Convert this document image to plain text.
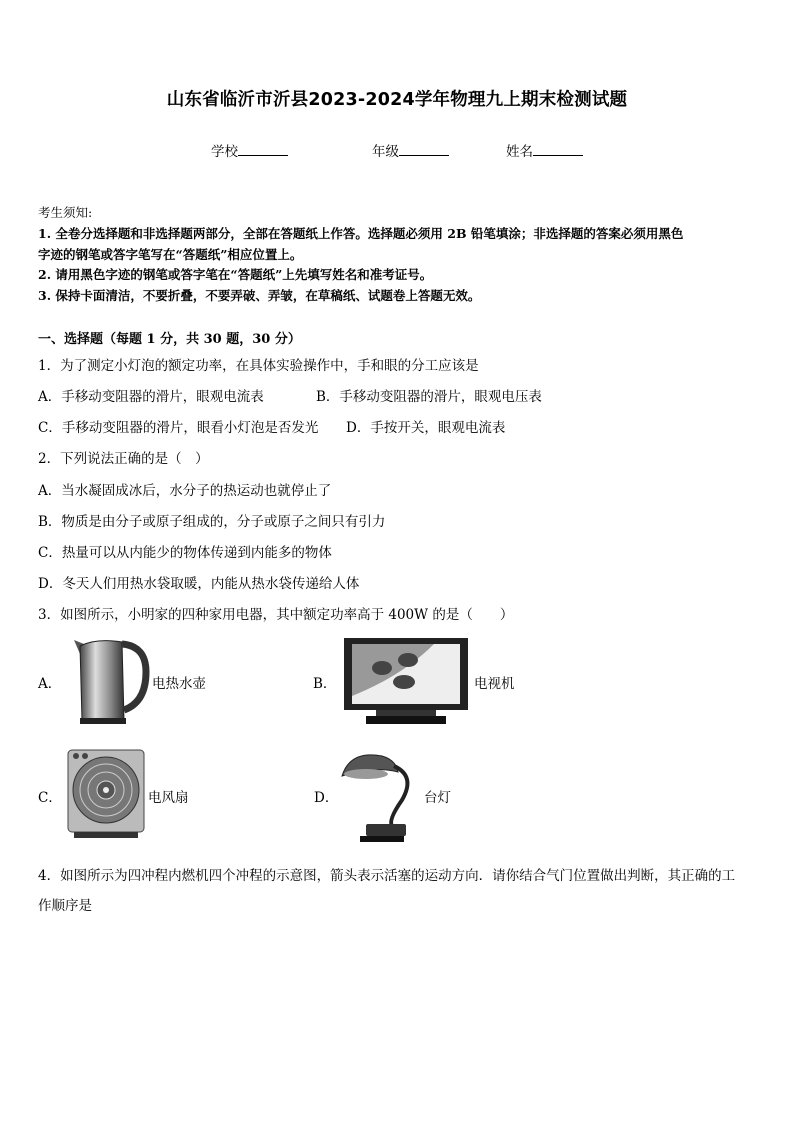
山东省临沂市沂县2023-2024学年物理九上期末检测试题
学校	年级	姓名
考生须知:
1. 全卷分选择题和非选择题两部分，全部在答题纸上作答。选择题必须用 2B 铅笔填涂；非选择题的答案必须用黑色
字迹的钢笔或答字笔写在“答题纸”相应位置上。
2. 请用黑色字迹的钢笔或答字笔在“答题纸”上先填写姓名和准考证号。
3. 保持卡面清洁，不要折叠，不要弄破、弄皱，在草稿纸、试题卷上答题无效。
一、选择题（每题 1 分，共 30 题，30 分）
1．为了测定小灯泡的额定功率，在具体实验操作中，手和眼的分工应该是
A．手移动变阻器的滑片，眼观电流表	B．手移动变阻器的滑片，眼观电压表
C．手移动变阻器的滑片，眼看小灯泡是否发光 D．手按开关，眼观电流表
2．下列说法正确的是（　）
A．当水凝固成冰后，水分子的热运动也就停止了
B．物质是由分子或原子组成的，分子或原子之间只有引力
C．热量可以从内能少的物体传递到内能多的物体
D．冬天人们用热水袋取暖，内能从热水袋传递给人体
3．如图所示，小明家的四种家用电器，其中额定功率高于 400W 的是（　　）
A．	电热水壶	B．	电视机
C．	电风扇	D．	台灯
4．如图所示为四冲程内燃机四个冲程的示意图，箭头表示活塞的运动方向．请你结合气门位置做出判断，其正确的工
作顺序是
